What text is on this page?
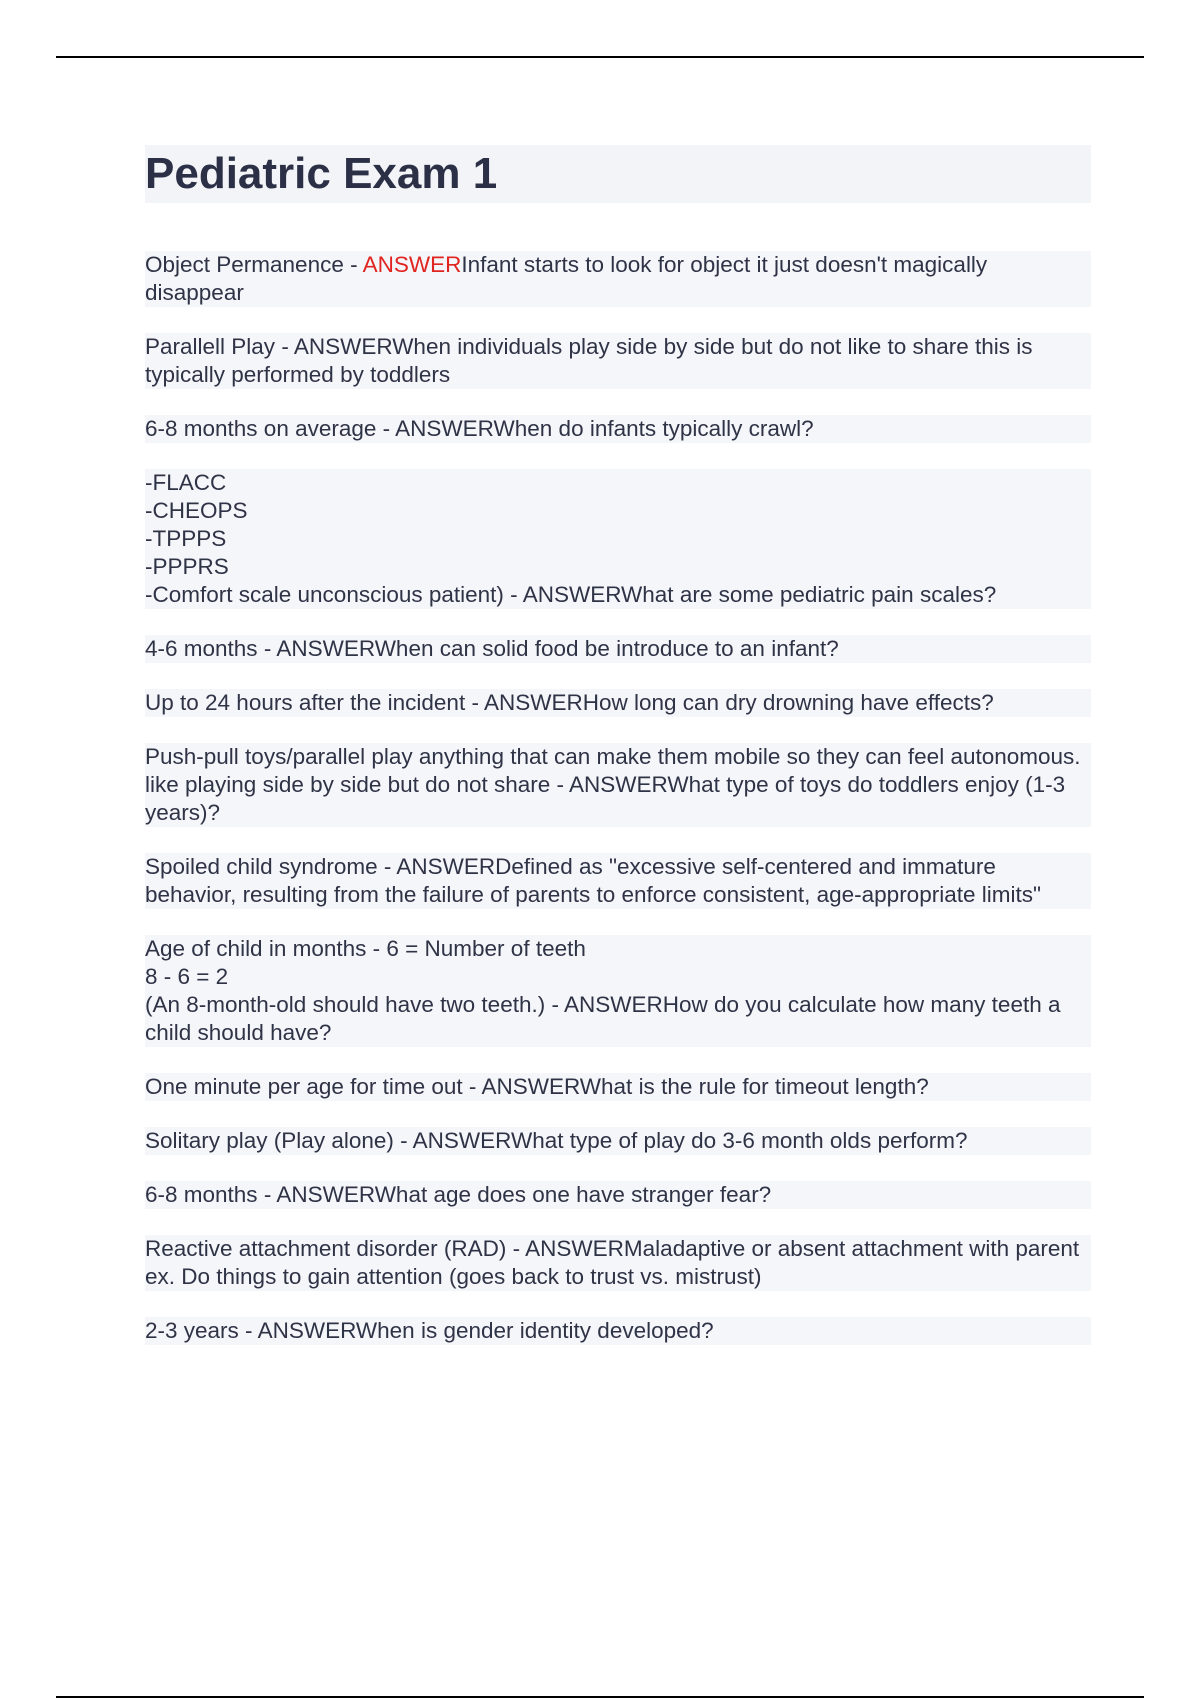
Pediatric Exam 1
Object Permanence - ANSWERInfant starts to look for object it just doesn't magically disappear
Parallell Play - ANSWERWhen individuals play side by side but do not like to share this is typically performed by toddlers
6-8 months on average - ANSWERWhen do infants typically crawl?
-FLACC
-CHEOPS
-TPPPS
-PPPRS
-Comfort scale unconscious patient) - ANSWERWhat are some pediatric pain scales?
4-6 months - ANSWERWhen can solid food be introduce to an infant?
Up to 24 hours after the incident - ANSWERHow long can dry drowning have effects?
Push-pull toys/parallel play anything that can make them mobile so they can feel autonomous. like playing side by side but do not share - ANSWERWhat type of toys do toddlers enjoy (1-3 years)?
Spoiled child syndrome - ANSWERDefined as "excessive self-centered and immature behavior, resulting from the failure of parents to enforce consistent, age-appropriate limits"
Age of child in months - 6 = Number of teeth
8 - 6 = 2
(An 8-month-old should have two teeth.) - ANSWERHow do you calculate how many teeth a child should have?
One minute per age for time out - ANSWERWhat is the rule for timeout length?
Solitary play (Play alone) - ANSWERWhat type of play do 3-6 month olds perform?
6-8 months - ANSWERWhat age does one have stranger fear?
Reactive attachment disorder (RAD) - ANSWERMaladaptive or absent attachment with parent ex. Do things to gain attention (goes back to trust vs. mistrust)
2-3 years - ANSWERWhen is gender identity developed?
